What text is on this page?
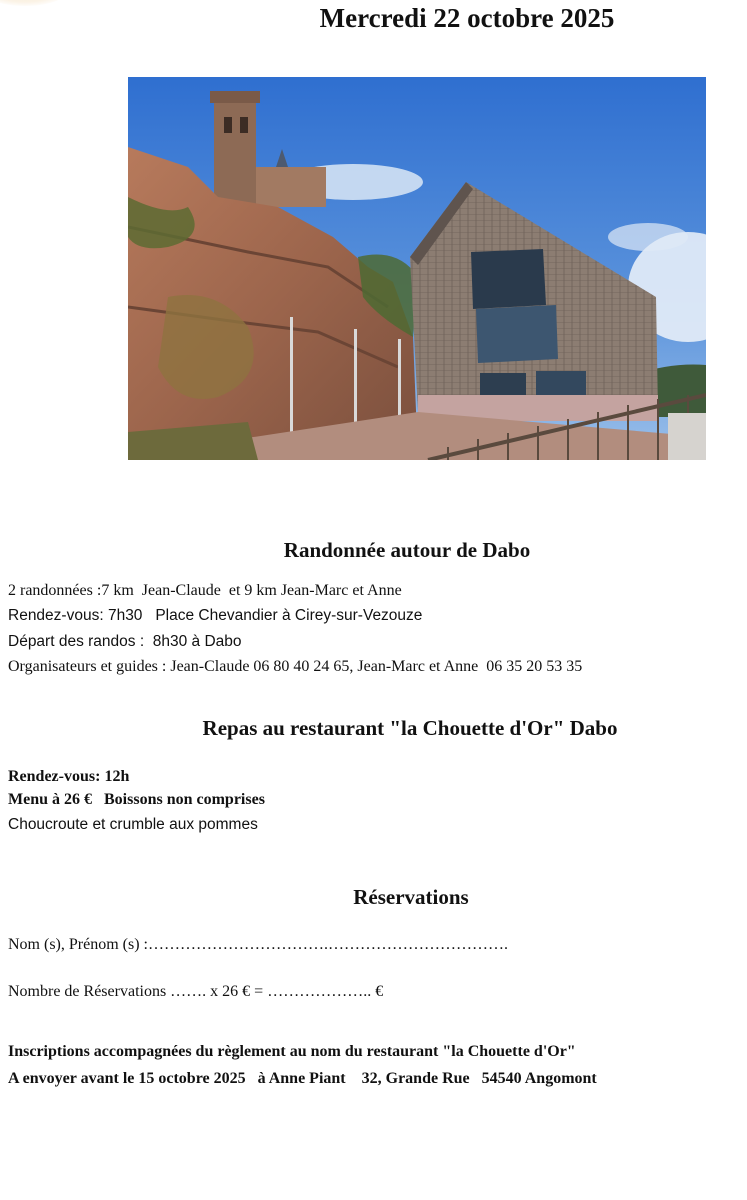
Mercredi 22 octobre 2025
Randonnée autour de Dabo
2 randonnées :7 km  Jean-Claude  et 9 km Jean-Marc et Anne
Rendez-vous: 7h30   Place Chevandier à Cirey-sur-Vezouze
Départ des randos :  8h30 à Dabo
Organisateurs et guides : Jean-Claude 06 80 40 24 65, Jean-Marc et Anne  06 35 20 53 35
Repas au restaurant "la Chouette d'Or" Dabo
Rendez-vous: 12h
Menu à 26 €   Boissons non comprises
Choucroute et crumble aux pommes
Réservations
Nom (s), Prénom (s) :…………………………….…………………………….
Nombre de Réservations ……. x 26 € = ……………….. €
Inscriptions accompagnées du règlement au nom du restaurant "la Chouette d'Or"
A envoyer avant le 15 octobre 2025   à Anne Piant    32, Grande Rue   54540 Angomont
